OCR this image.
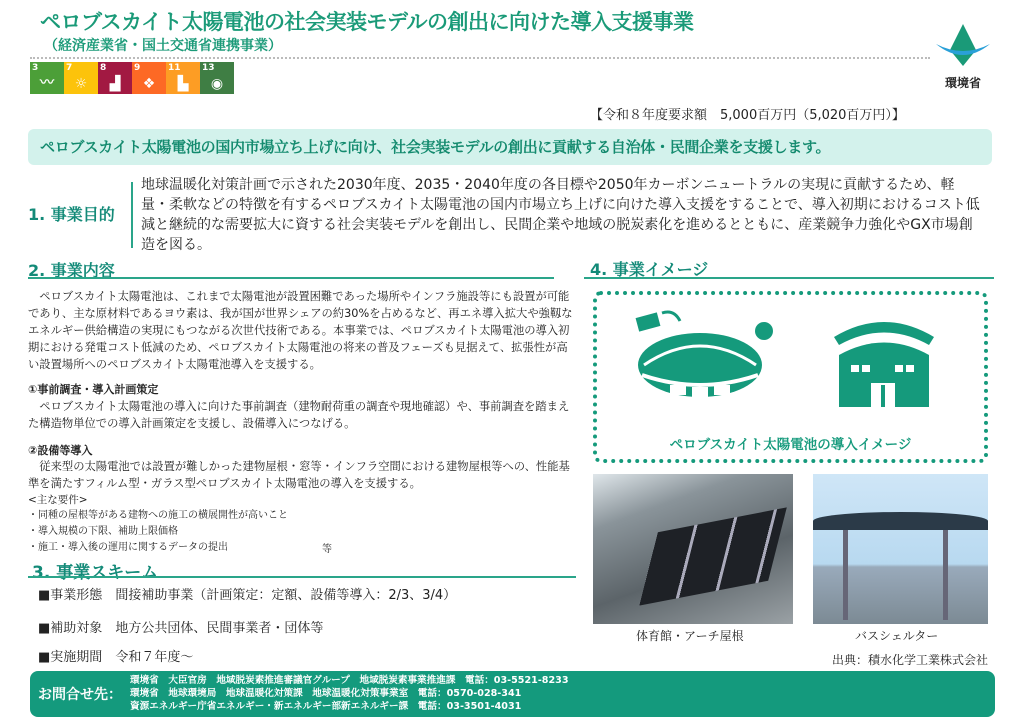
ペロブスカイト太陽電池の社会実装モデルの創出に向けた導入支援事業
（経済産業省・国土交通省連携事業）
3
〰
7
☼
8
▟
9
❖
11
▙
13
◉	環境省
【令和８年度要求額　5,000百万円（5,020百万円）】
ペロブスカイト太陽電池の国内市場立ち上げに向け、社会実装モデルの創出に貢献する自治体・民間企業を支援します。
1. 事業目的
地球温暖化対策計画で示された2030年度、2035・2040年度の各目標や2050年カーボンニュートラルの実現に貢献するため、軽量・柔軟などの特徴を有するペロブスカイト太陽電池の国内市場立ち上げに向けた導入支援をすることで、導入初期におけるコスト低減と継続的な需要拡大に資する社会実装モデルを創出し、民間企業や地域の脱炭素化を進めるとともに、産業競争力強化やGX市場創造を図る。
2. 事業内容
　ペロブスカイト太陽電池は、これまで太陽電池が設置困難であった場所やインフラ施設等にも設置が可能であり、主な原材料であるヨウ素は、我が国が世界シェアの約30%を占めるなど、再エネ導入拡大や強靱なエネルギー供給構造の実現にもつながる次世代技術である。本事業では、ペロブスカイト太陽電池の導入初期における発電コスト低減のため、ペロブスカイト太陽電池の将来の普及フェーズも見据えて、拡張性が高い設置場所へのペロブスカイト太陽電池導入を支援する。
①事前調査・導入計画策定
　ペロブスカイト太陽電池の導入に向けた事前調査（建物耐荷重の調査や現地確認）や、事前調査を踏まえた構造物単位での導入計画策定を支援し、設備導入につなげる。
②設備等導入
　従来型の太陽電池では設置が難しかった建物屋根・窓等・インフラ空間における建物屋根等への、性能基準を満たすフィルム型・ガラス型ペロブスカイト太陽電池の導入を支援する。
<主な要件>
・同種の屋根等がある建物への施工の横展開性が高いこと
・導入規模の下限、補助上限価格
・施工・導入後の運用に関するデータの提出	等
3. 事業スキーム
■事業形態　 間接補助事業（計画策定：定額、設備等導入：2/3、3/4）
■補助対象　 地方公共団体、民間事業者・団体等
■実施期間　 令和７年度～
4. 事業イメージ
ペロブスカイト太陽電池の導入イメージ
体育館・アーチ屋根	バスシェルター
出典：積水化学工業株式会社
お問合せ先：
環境省　大臣官房　地域脱炭素推進審議官グループ　地域脱炭素事業推進課　電話：03-5521-8233
環境省　地球環境局　地球温暖化対策課　地球温暖化対策事業室　電話：0570-028-341
資源エネルギー庁省エネルギー・新エネルギー部新エネルギー課　電話：03-3501-4031
